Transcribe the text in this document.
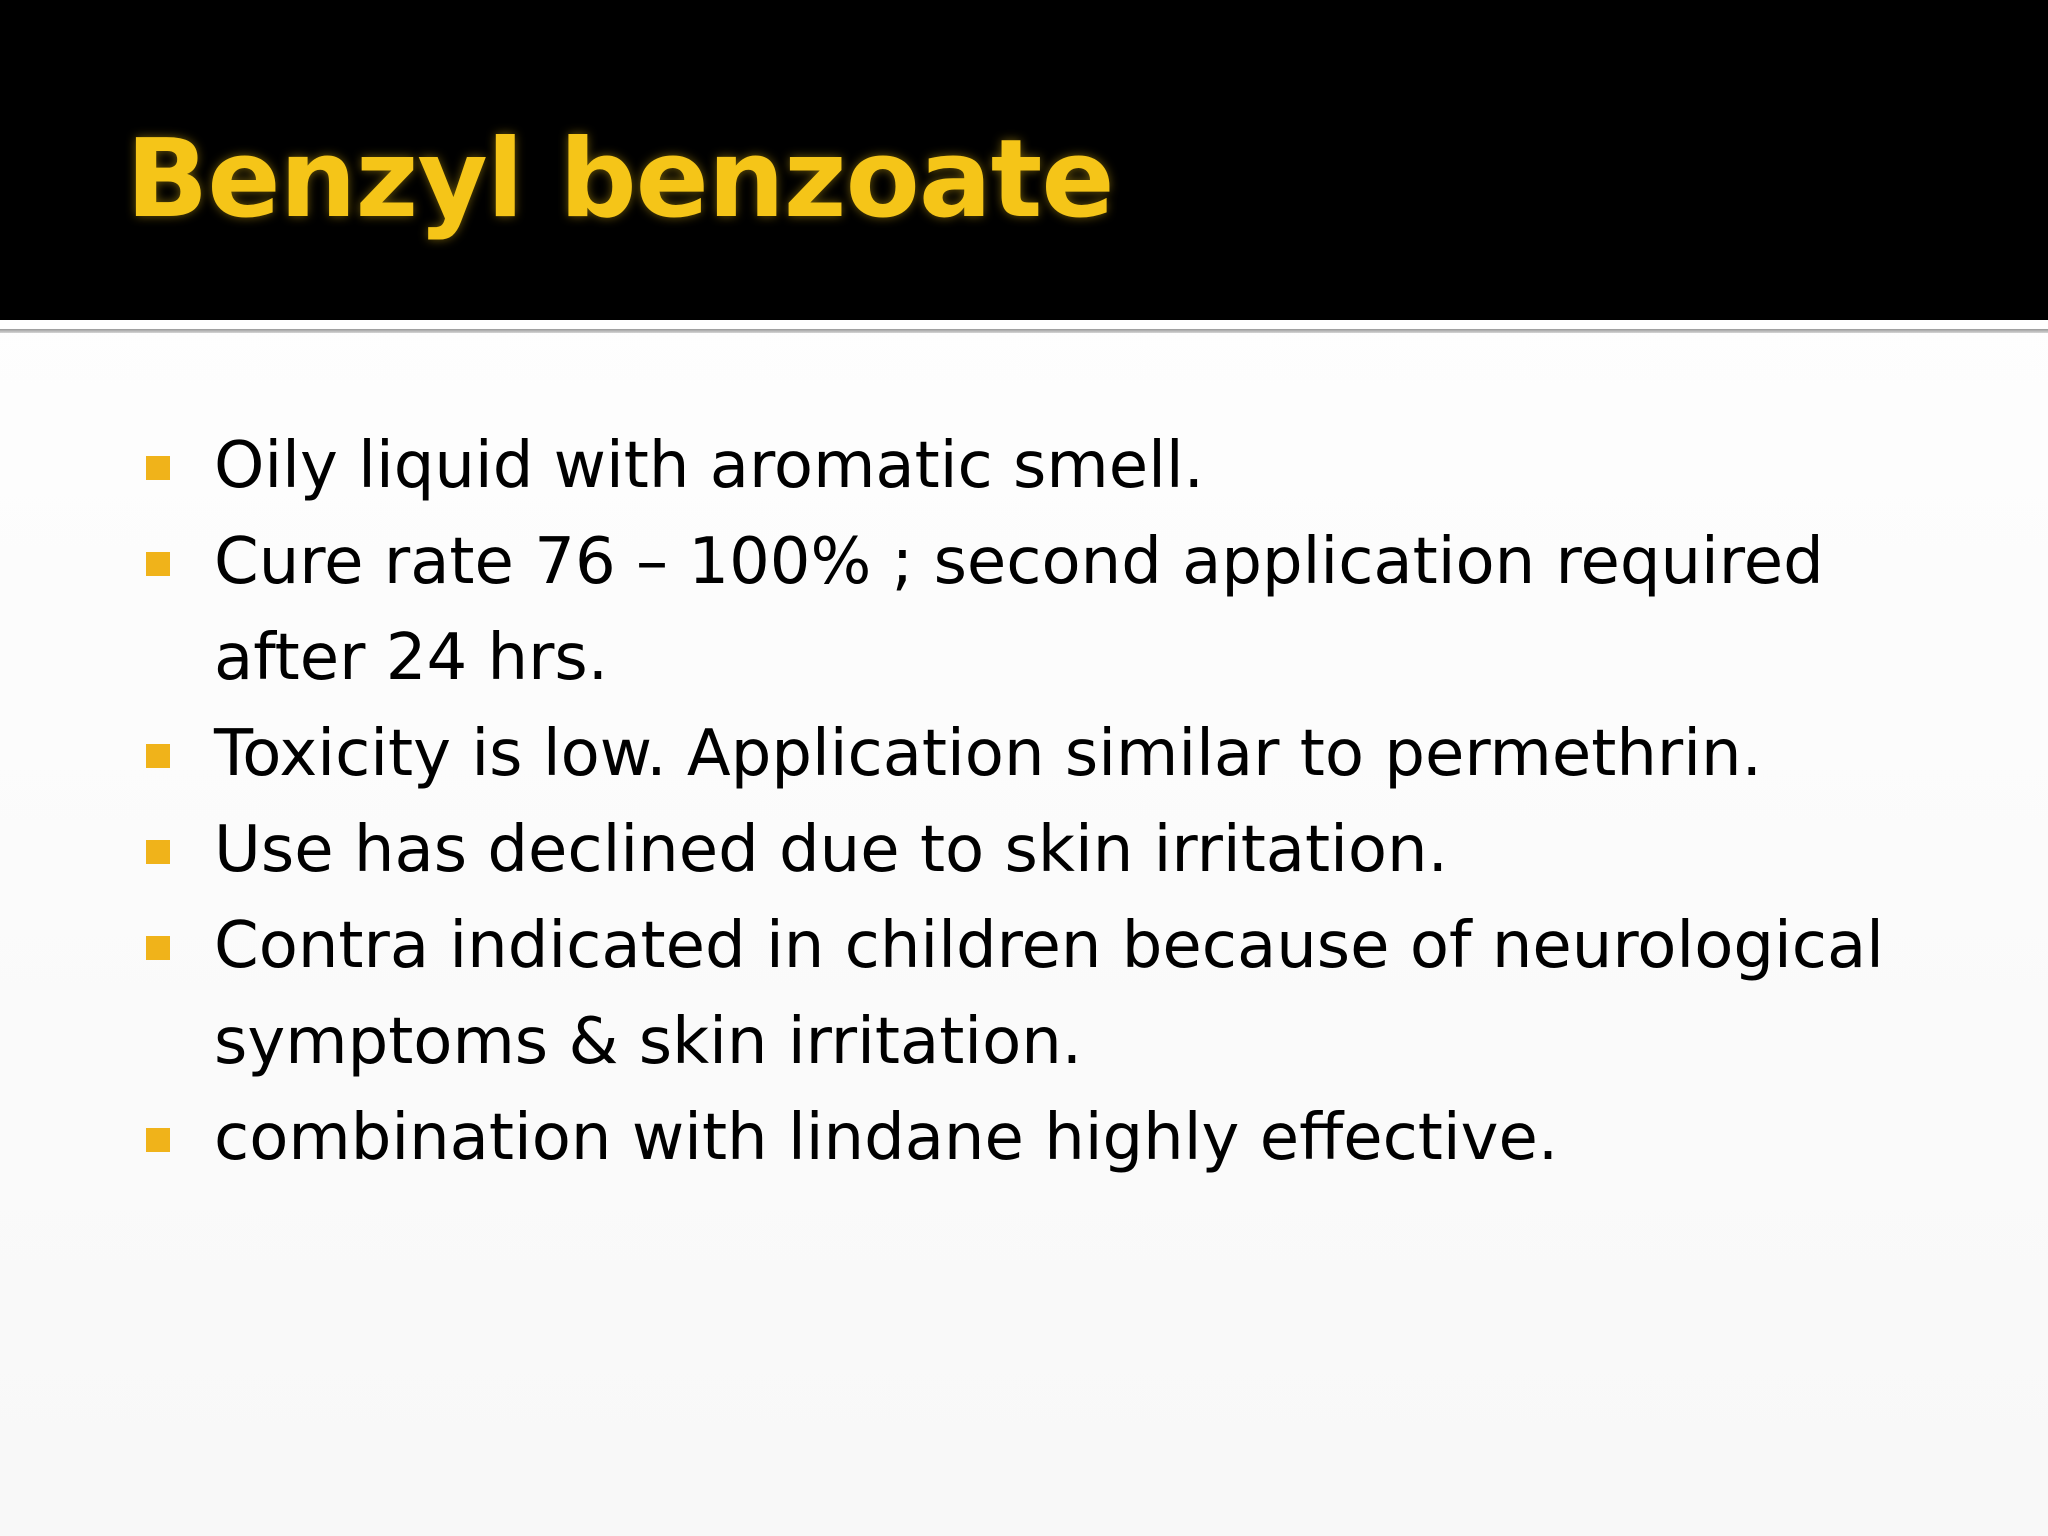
Benzyl benzoate
Oily liquid with aromatic smell.
Cure rate 76 – 100% ; second application required
after 24 hrs.
Toxicity is low. Application similar to permethrin.
Use has declined due to skin irritation.
Contra indicated in children because of neurological
symptoms & skin irritation.
combination with lindane highly effective.
